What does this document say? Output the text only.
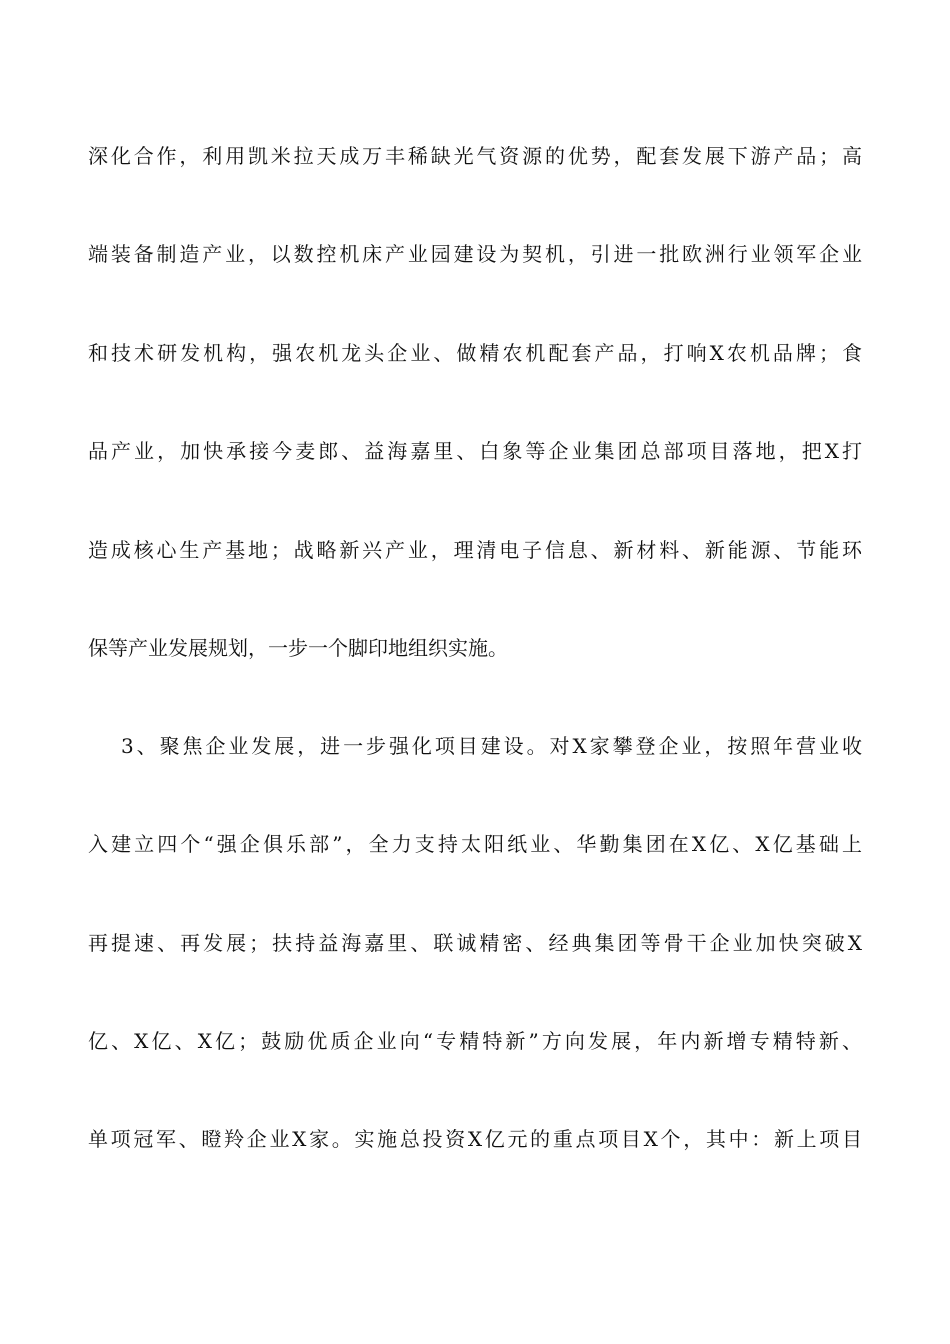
深化合作，利用凯米拉天成万丰稀缺光气资源的优势，配套发展下游产品；高
端装备制造产业，以数控机床产业园建设为契机，引进一批欧洲行业领军企业
和技术研发机构，强农机龙头企业、做精农机配套产品，打响X农机品牌；食
品产业，加快承接今麦郎、益海嘉里、白象等企业集团总部项目落地，把X打
造成核心生产基地；战略新兴产业，理清电子信息、新材料、新能源、节能环
保等产业发展规划，一步一个脚印地组织实施。
3、聚焦企业发展，进一步强化项目建设。对X家攀登企业，按照年营业收
入建立四个“强企俱乐部”，全力支持太阳纸业、华勤集团在X亿、X亿基础上
再提速、再发展；扶持益海嘉里、联诚精密、经典集团等骨干企业加快突破X
亿、X亿、X亿；鼓励优质企业向“专精特新”方向发展，年内新增专精特新、
单项冠军、瞪羚企业X家。实施总投资X亿元的重点项目X个，其中：新上项目
